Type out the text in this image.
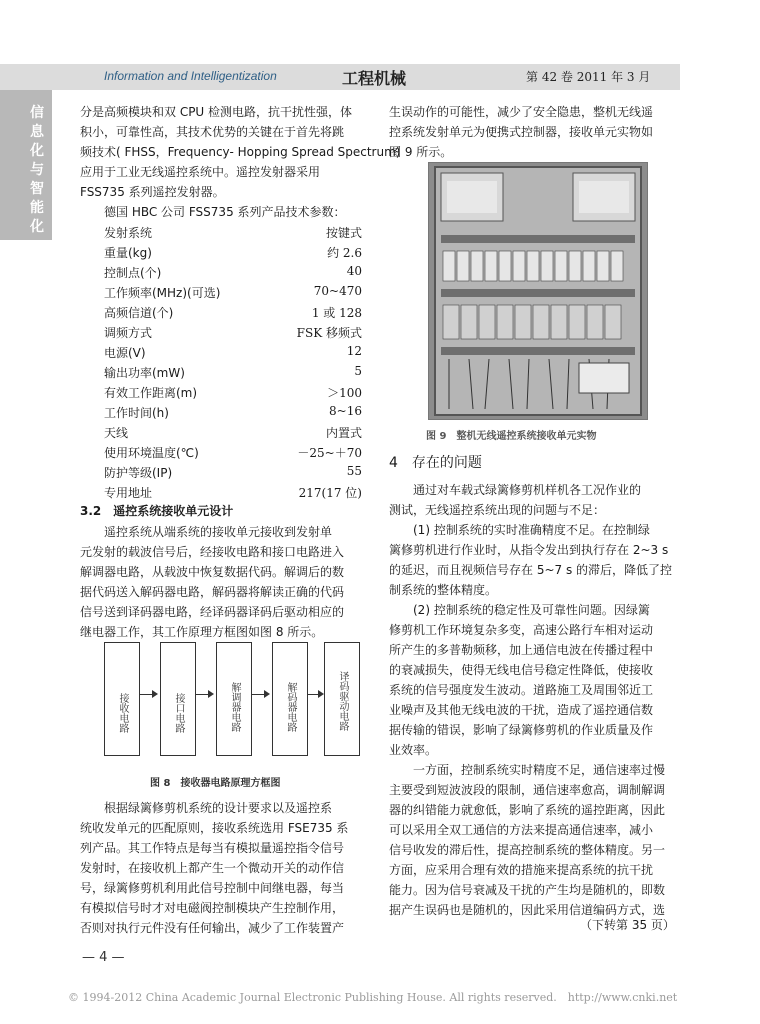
Information and Intelligentization	工程机械	第 42 卷 2011 年 3 月
信息化与智能化
分是高频模块和双 CPU 检测电路，抗干扰性强，体
积小，可靠性高，其技术优势的关键在于首先将跳
频技术( FHSS，Frequency- Hopping Spread Spectrum)
应用于工业无线遥控系统中。遥控发射器采用
FSS735 系列遥控发射器。
德国 HBC 公司 FSS735 系列产品技术参数：
发射系统	按键式
重量(kg)	约 2.6
控制点(个)	40
工作频率(MHz)(可选)	70~470
高频信道(个)	1 或 128
调频方式	FSK 移频式
电源(V)	12
输出功率(mW)	5
有效工作距离(m)	＞100
工作时间(h)	8~16
天线	内置式
使用环境温度(℃)	－25~＋70
防护等级(IP)	55
专用地址	217(17 位)
3.2　遥控系统接收单元设计
遥控系统从端系统的接收单元接收到发射单
元发射的载波信号后，经接收电路和接口电路进入
解调器电路，从载波中恢复数据代码。解调后的数
据代码送入解码器电路，解码器将解读正确的代码
信号送到译码器电路，经译码器译码后驱动相应的
继电器工作，其工作原理方框图如图 8 所示。
接收电路	接口电路	解调器电路	解码器电路	译码驱动电路
图 8　接收器电路原理方框图
根据绿篱修剪机系统的设计要求以及遥控系
统收发单元的匹配原则，接收系统选用 FSE735 系
列产品。其工作特点是每当有模拟量遥控指令信号
发射时，在接收机上都产生一个微动开关的动作信
号，绿篱修剪机利用此信号控制中间继电器，每当
有模拟信号时才对电磁阀控制模块产生控制作用，
否则对执行元件没有任何输出，减少了工作装置产
生误动作的可能性，减少了安全隐患，整机无线遥
控系统发射单元为便携式控制器，接收单元实物如
图 9 所示。
图 9　整机无线遥控系统接收单元实物
4　存在的问题
通过对车载式绿篱修剪机样机各工况作业的
测试，无线遥控系统出现的问题与不足：
(1) 控制系统的实时准确精度不足。在控制绿
篱修剪机进行作业时，从指令发出到执行存在 2~3 s
的延迟，而且视频信号存在 5~7 s 的滞后，降低了控
制系统的整体精度。
(2) 控制系统的稳定性及可靠性问题。因绿篱
修剪机工作环境复杂多变，高速公路行车相对运动
所产生的多普勒频移，加上通信电波在传播过程中
的衰减损失，使得无线电信号稳定性降低，使接收
系统的信号强度发生波动。道路施工及周围邻近工
业噪声及其他无线电波的干扰，造成了遥控通信数
据传输的错误，影响了绿篱修剪机的作业质量及作
业效率。
一方面，控制系统实时精度不足，通信速率过慢
主要受到短波波段的限制，通信速率愈高，调制解调
器的纠错能力就愈低，影响了系统的遥控距离，因此
可以采用全双工通信的方法来提高通信速率，减小
信号收发的滞后性，提高控制系统的整体精度。另一
方面，应采用合理有效的措施来提高系统的抗干扰
能力。因为信号衰减及干扰的产生均是随机的，即数
据产生误码也是随机的，因此采用信道编码方式，选
（下转第 35 页）
— 4 —
© 1994-2012 China Academic Journal Electronic Publishing House. All rights reserved.　http://www.cnki.net
